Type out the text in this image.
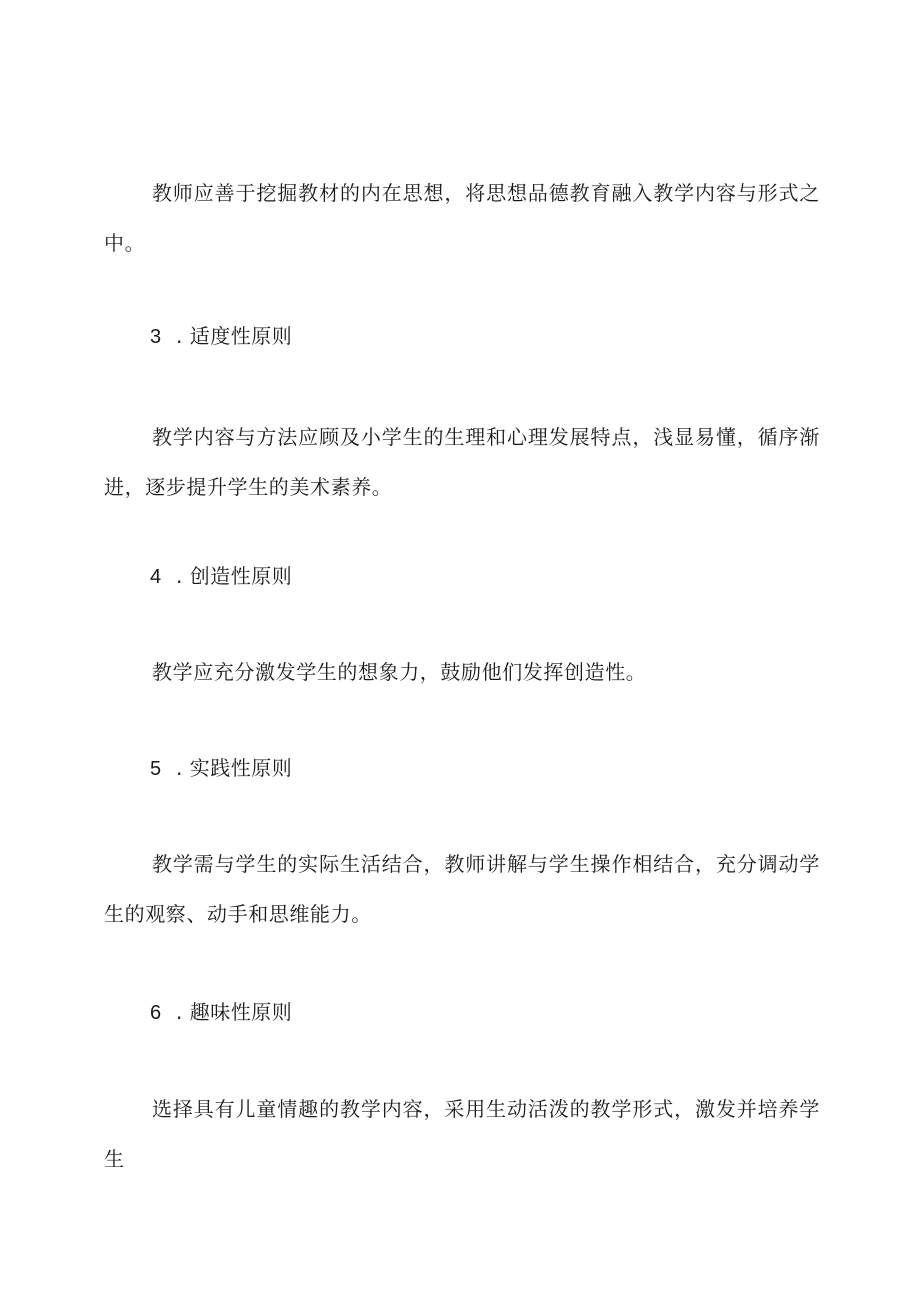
教师应善于挖掘教材的内在思想，将思想品德教育融入教学内容与形式之中。

3 . 适度性原则

教学内容与方法应顾及小学生的生理和心理发展特点，浅显易懂，循序渐进，逐步提升学生的美术素养。

4 . 创造性原则

教学应充分激发学生的想象力，鼓励他们发挥创造性。

5 . 实践性原则

教学需与学生的实际生活结合，教师讲解与学生操作相结合，充分调动学生的观察、动手和思维能力。

6 . 趣味性原则

选择具有儿童情趣的教学内容，采用生动活泼的教学形式，激发并培养学生
